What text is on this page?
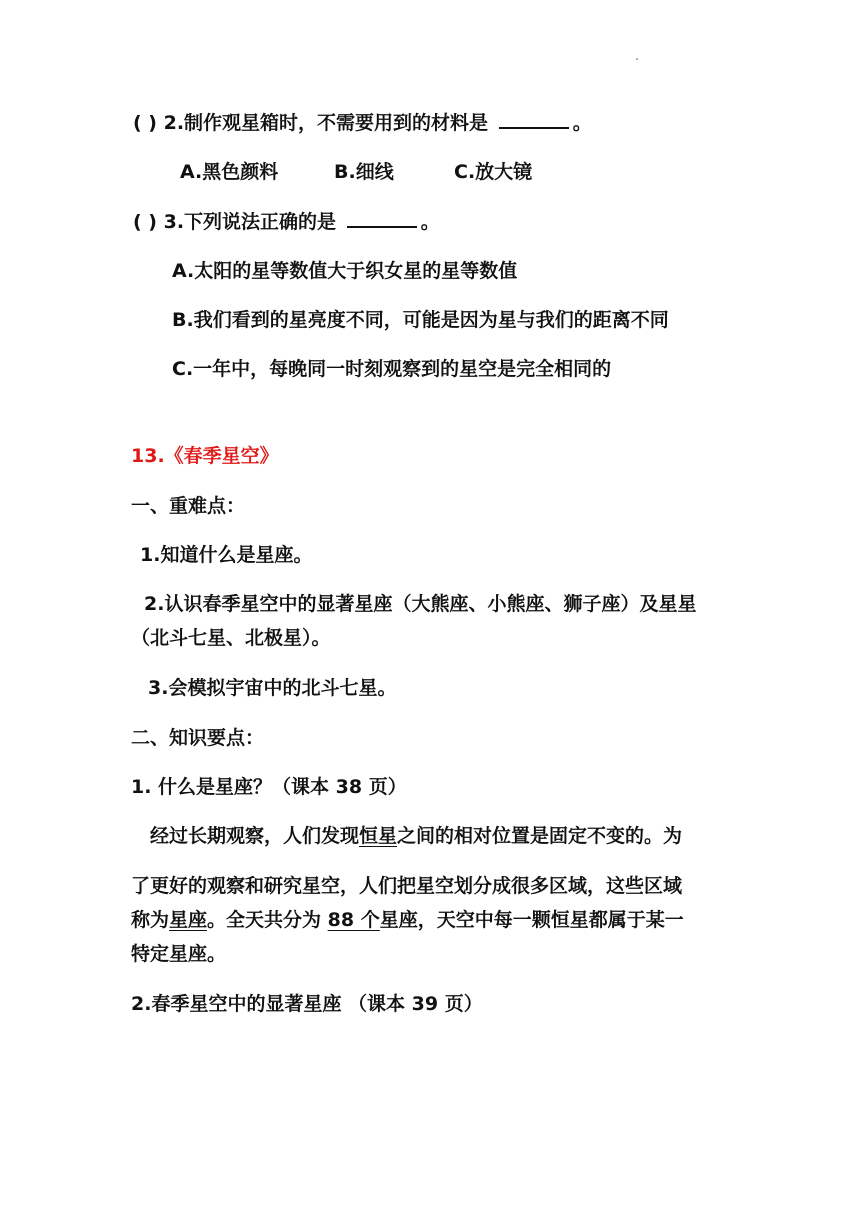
( ) 2.制作观星箱时，不需要用到的材料是	。
A.黑色颜料	B.细线	C.放大镜
( ) 3.下列说法正确的是	。
A.太阳的星等数值大于织女星的星等数值
B.我们看到的星亮度不同，可能是因为星与我们的距离不同
C.一年中，每晚同一时刻观察到的星空是完全相同的
13.《春季星空》
一、重难点：
1.知道什么是星座。
2.认识春季星空中的显著星座（大熊座、小熊座、狮子座）及星星
（北斗七星、北极星）。
3.会模拟宇宙中的北斗七星。
二、知识要点：
1. 什么是星座？（课本 38 页）
经过长期观察，人们发现恒星之间的相对位置是固定不变的。为
了更好的观察和研究星空，人们把星空划分成很多区域，这些区域
称为星座。全天共分为 88 个星座，天空中每一颗恒星都属于某一
特定星座。
2.春季星空中的显著星座 （课本 39 页）
